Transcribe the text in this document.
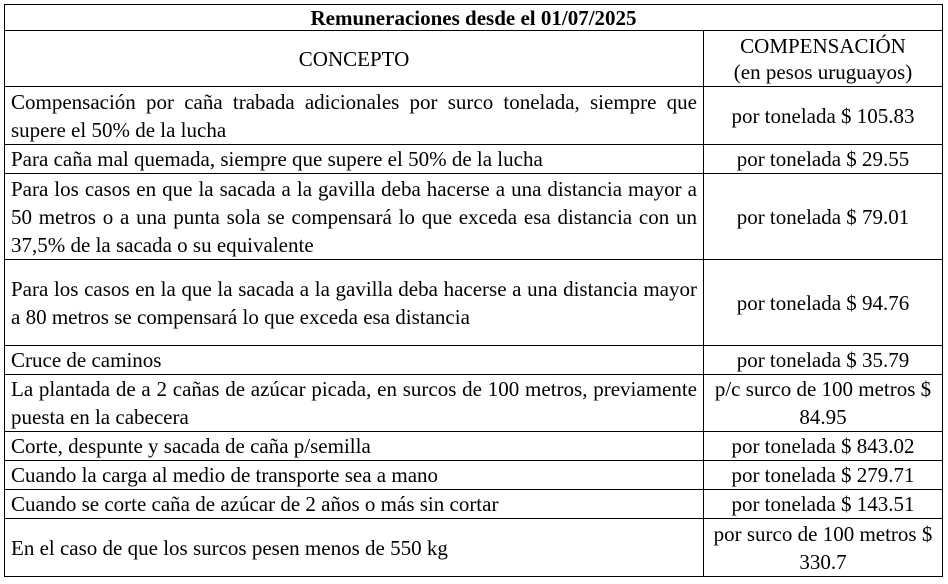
Remuneraciones desde el 01/07/2025	
CONCEPTO	COMPENSACIÓN
(en pesos uruguayos)

Compensación por caña trabada adicionales por surco tonelada, siempre que supere el 50% de la lucha	por tonelada $ 105.83
Para caña mal quemada, siempre que supere el 50% de la lucha	por tonelada $ 29.55
Para los casos en que la sacada a la gavilla deba hacerse a una distancia mayor a 50 metros o a una punta sola se compensará lo que exceda esa distancia con un 37,5% de la sacada o su equivalente	por tonelada $ 79.01
Para los casos en la que la sacada a la gavilla deba hacerse a una distancia mayor a 80 metros se compensará lo que exceda esa distancia	por tonelada $ 94.76
Cruce de caminos	por tonelada $ 35.79
La plantada de a 2 cañas de azúcar picada, en surcos de 100 metros, previamente puesta en la cabecera	p/c surco de 100 metros $ 84.95
Corte, despunte y sacada de caña p/semilla	por tonelada $ 843.02
Cuando la carga al medio de transporte sea a mano	por tonelada $ 279.71
Cuando se corte caña de azúcar de 2 años o más sin cortar	por tonelada $ 143.51
En el caso de que los surcos pesen menos de 550 kg	por surco de 100 metros $ 330.7
